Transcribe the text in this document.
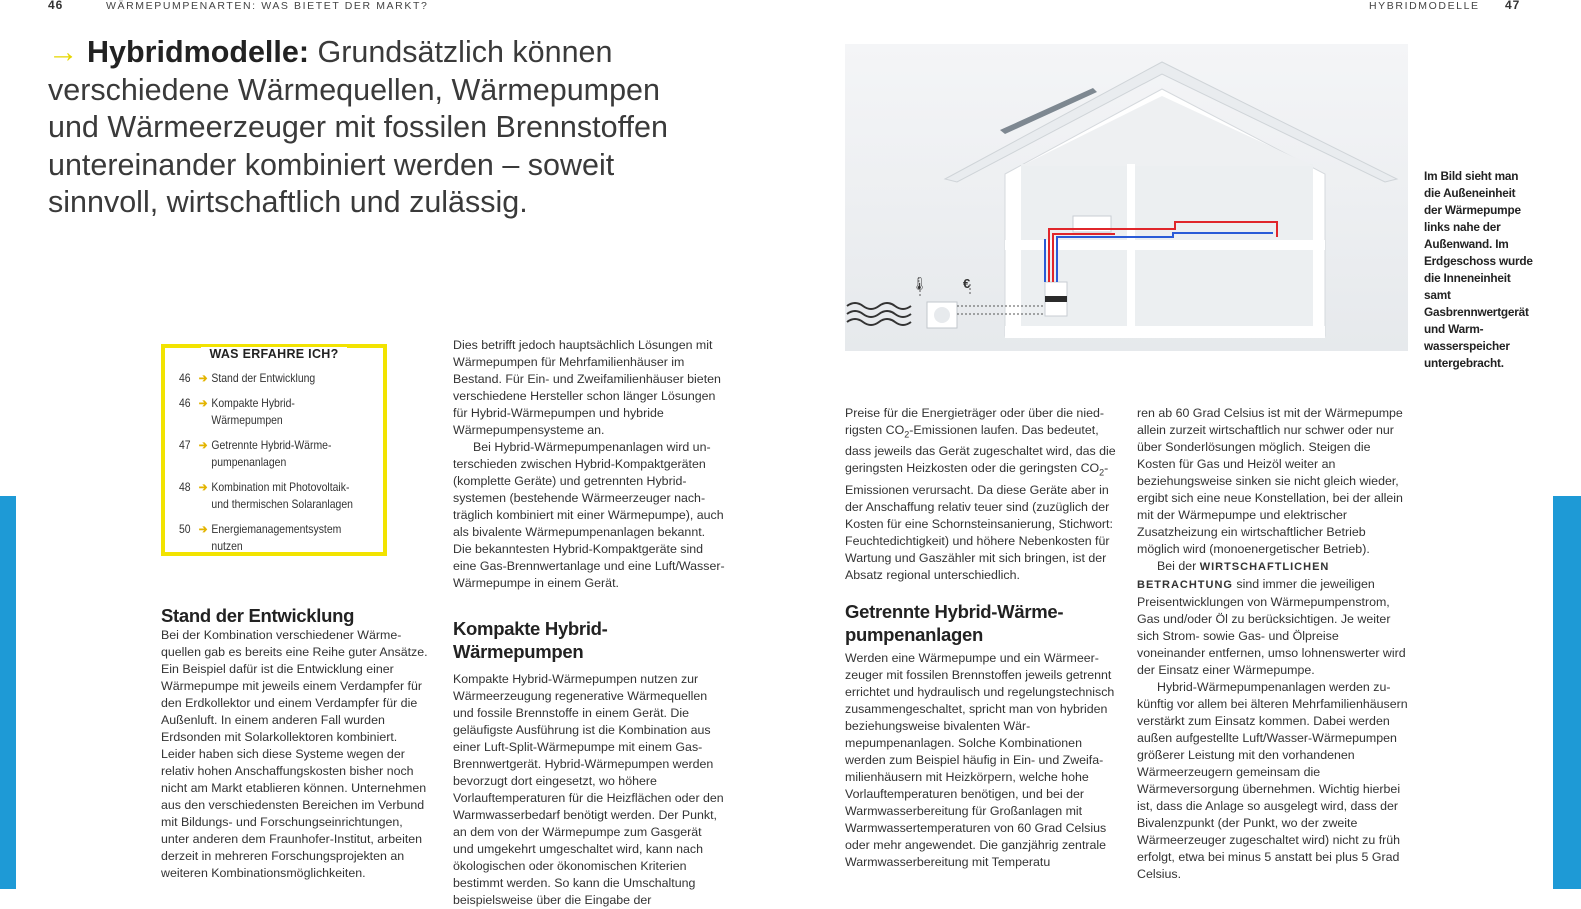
46	WÄRMEPUMPENARTEN: WAS BIETET DER MARKT?	HYBRIDMODELLE 47

→ Hybridmodelle: Grundsätzlich können verschiedene Wärmequellen, Wärmepumpen und Wärmeerzeuger mit fossilen Brennstoffen untereinander kombiniert werden – soweit sinnvoll, wirtschaftlich und zulässig.

WAS ERFAHRE ICH?
46 ➔ Stand der Entwicklung
46 ➔ Kompakte Hybrid-Wärmepumpen
47 ➔ Getrennte Hybrid-Wärmepumpenanlagen
48 ➔ Kombination mit Photovoltaik- und thermischen Solaranlagen
50 ➔ Energiemanagementsystem nutzen
Stand der Entwicklung

Bei der Kombination verschiedener Wärmequellen gab es bereits eine Reihe guter Ansätze. Ein Beispiel dafür ist die Entwicklung einer Wärmepumpe mit jeweils einem Verdampfer für den Erdkollektor und einem Verdampfer für die Außenluft. In einem anderen Fall wurden Erdsonden mit Solarkollektoren kombiniert. Leider haben sich diese Systeme wegen der relativ hohen Anschaffungskosten bisher noch nicht am Markt etablieren können. Unternehmen aus den verschiedensten Bereichen im Verbund mit Bildungs- und Forschungseinrichtungen, unter anderen dem Fraunhofer-Institut, arbeiten derzeit in mehreren Forschungsprojekten an weiteren Kombinationsmöglichkeiten.

Dies betrifft jedoch hauptsächlich Lösungen mit Wärmepumpen für Mehrfamilienhäuser im Bestand. Für Ein- und Zweifamilienhäuser bieten verschiedene Hersteller schon länger Lösungen für Hybrid-Wärmepumpen und hybride Wärmepumpensysteme an.

Bei Hybrid-Wärmepumpenanlagen wird unterschieden zwischen Hybrid-Kompaktgeräten (komplette Geräte) und getrennten Hybridsystemen (bestehende Wärmeerzeuger nachträglich kombiniert mit einer Wärmepumpe), auch als bivalente Wärmepumpenanlagen bekannt. Die bekanntesten Hybrid-Kompaktgeräte sind eine Gas-Brennwertanlage und eine Luft/Wasser-Wärmepumpe in einem Gerät.

Kompakte Hybrid-Wärmepumpen

Kompakte Hybrid-Wärmepumpen nutzen zur Wärmeerzeugung regenerative Wärmequellen und fossile Brennstoffe in einem Gerät. Die geläufigste Ausführung ist die Kombination aus einer Luft-Split-Wärmepumpe mit einem Gas-Brennwertgerät. Hybrid-Wärmepumpen werden bevorzugt dort eingesetzt, wo höhere Vorlauftemperaturen für die Heizflächen oder den Warmwasserbedarf benötigt werden. Der Punkt, an dem von der Wärmepumpe zum Gasgerät und umgekehrt umgeschaltet wird, kann nach ökologischen oder ökonomischen Kriterien bestimmt werden. So kann die Umschaltung beispielsweise über die Eingabe der

🌡	€
Im Bild sieht man die Außeneinheit der Wärmepumpe links nahe der Außenwand. Im Erdgeschoss wurde die Inneneinheit samt Gasbrennwertgerät und Warmwasserspeicher untergebracht.

Preise für die Energieträger oder über die niedrigsten $CO_2$-Emissionen laufen. Das bedeutet, dass jeweils das Gerät zugeschaltet wird, das die geringsten Heizkosten oder die geringsten $CO_2$-Emissionen verursacht. Da diese Geräte aber in der Anschaffung relativ teuer sind (zuzüglich der Kosten für eine Schornsteinsanierung, Stichwort: Feuchtedichtigkeit) und höhere Nebenkosten für Wartung und Gaszähler mit sich bringen, ist der Absatz regional unterschiedlich.

Getrennte Hybrid-Wärmepumpenanlagen

Werden eine Wärmepumpe und ein Wärmeerzeuger mit fossilen Brennstoffen jeweils getrennt errichtet und hydraulisch und regelungstechnisch zusammengeschaltet, spricht man von hybriden beziehungsweise bivalenten Wärmepumpenanlagen. Solche Kombinationen werden zum Beispiel häufig in Ein- und Zweifamilienhäusern mit Heizkörpern, welche hohe Vorlauftemperaturen benötigen, und bei der Warmwasserbereitung für Großanlagen mit Warmwassertemperaturen von 60 Grad Celsius oder mehr angewendet. Die ganzjährig zentrale Warmwasserbereitung mit Temperatu

ren ab 60 Grad Celsius ist mit der Wärmepumpe allein zurzeit wirtschaftlich nur schwer oder nur über Sonderlösungen möglich. Steigen die Kosten für Gas und Heizöl weiter an beziehungsweise sinken sie nicht gleich wieder, ergibt sich eine neue Konstellation, bei der allein mit der Wärmepumpe und elektrischer Zusatzheizung ein wirtschaftlicher Betrieb möglich wird (monoenergetischer Betrieb).

Bei der WIRTSCHAFTLICHEN BETRACHTUNG sind immer die jeweiligen Preisentwicklungen von Wärmepumpenstrom, Gas und/oder Öl zu berücksichtigen. Je weiter sich Strom- sowie Gas- und Ölpreise voneinander entfernen, umso lohnenswerter wird der Einsatz einer Wärmepumpe.

Hybrid-Wärmepumpenanlagen werden zukünftig vor allem bei älteren Mehrfamilienhäusern verstärkt zum Einsatz kommen. Dabei werden außen aufgestellte Luft/Wasser-Wärmepumpen größerer Leistung mit den vorhandenen Wärmeerzeugern gemeinsam die Wärmeversorgung übernehmen. Wichtig hierbei ist, dass die Anlage so ausgelegt wird, dass der Bivalenzpunkt (der Punkt, wo der zweite Wärmeerzeuger zugeschaltet wird) nicht zu früh erfolgt, etwa bei minus 5 anstatt bei plus 5 Grad Celsius.
